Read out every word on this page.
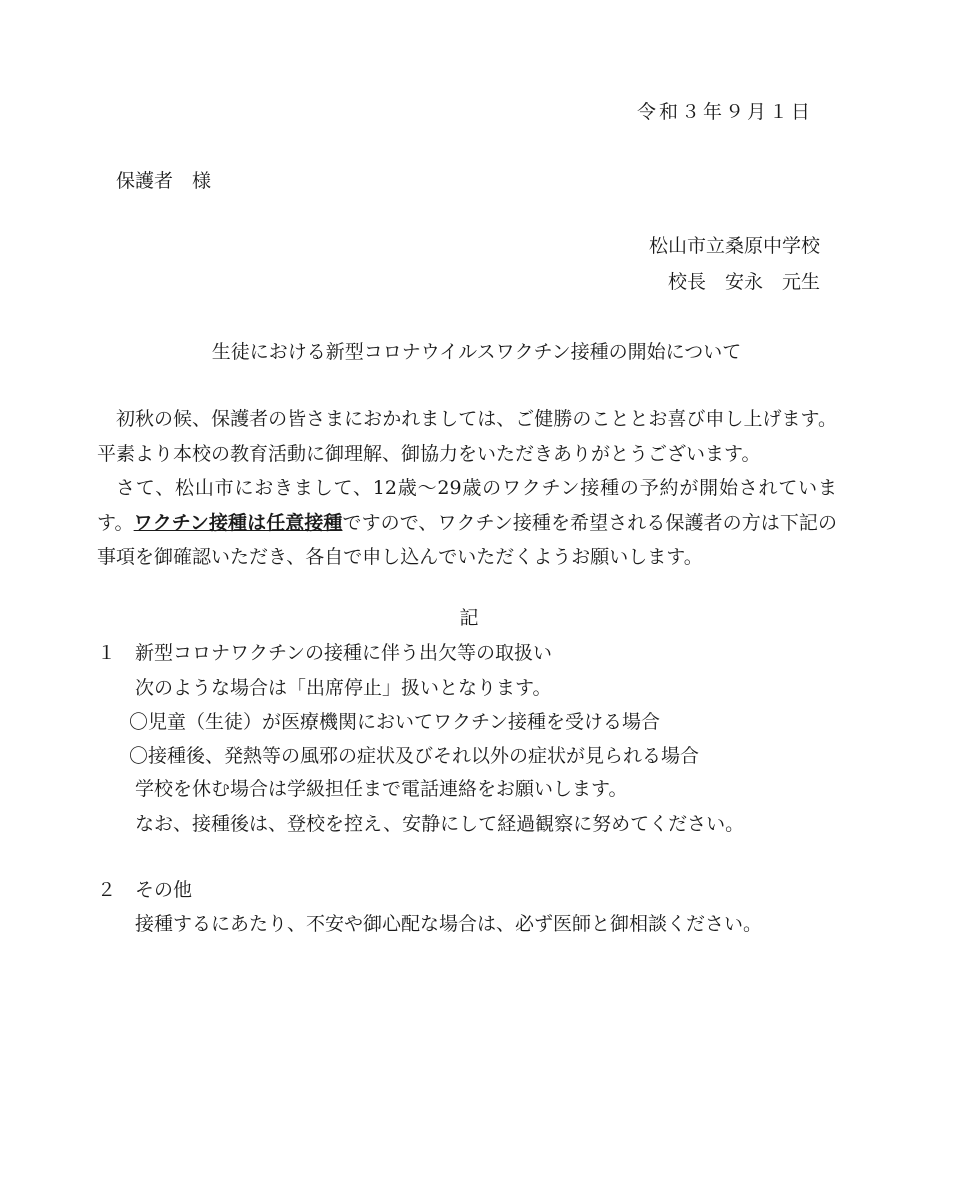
令和３年９月１日
保護者　様
松山市立桑原中学校
校長　安永　元生
生徒における新型コロナウイルスワクチン接種の開始について

初秋の候、保護者の皆さまにおかれましては、ご健勝のこととお喜び申し上げます。平素より本校の教育活動に御理解、御協力をいただきありがとうございます。

さて、松山市におきまして、12歳～29歳のワクチン接種の予約が開始されています。ワクチン接種は任意接種ですので、ワクチン接種を希望される保護者の方は下記の事項を御確認いただき、各自で申し込んでいただくようお願いします。

記
１ 新型コロナワクチンの接種に伴う出欠等の取扱い
次のような場合は「出席停止」扱いとなります。
〇児童（生徒）が医療機関においてワクチン接種を受ける場合
〇接種後、発熱等の風邪の症状及びそれ以外の症状が見られる場合
学校を休む場合は学級担任まで電話連絡をお願いします。
なお、接種後は、登校を控え、安静にして経過観察に努めてください。
２ その他
接種するにあたり、不安や御心配な場合は、必ず医師と御相談ください。
